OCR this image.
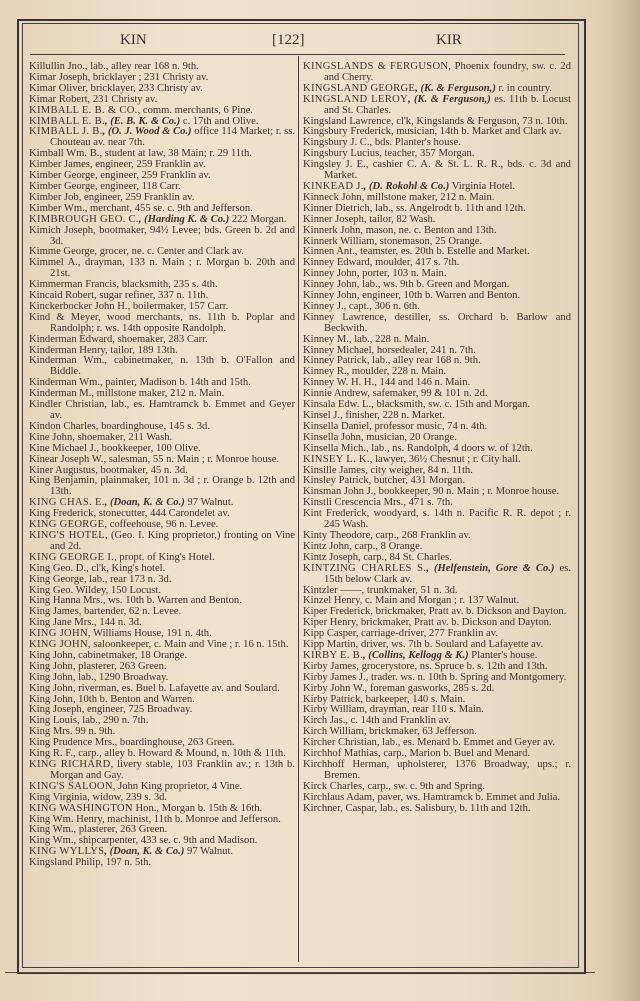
KIN	[122]	KIR
Killullin Jno., lab., alley rear 168 n. 9th.
Kimar Joseph, bricklayer ; 231 Christy av.
Kimar Oliver, bricklayer, 233 Christy av.
Kimar Robert, 231 Christy av.
KIMBALL E. B. & CO., comm. merchants, 6 Pine.
KIMBALL E. B., (E. B. K. & Co.) c. 17th and Olive.
KIMBALL J. B., (O. J. Wood & Co.) office 114 Market; r. ss. Chouteau av. near 7th.
Kimball Wm. B., student at law, 38 Main; r. 29 11th.
Kimber James, engineer, 259 Franklin av.
Kimber George, engineer, 259 Franklin av.
Kimber George, engineer, 118 Carr.
Kimber Job, engineer, 259 Franklin av.
Kimber Wm., merchant, 455 se. c. 9th and Jefferson.
KIMBROUGH GEO. C., (Harding K. & Co.) 222 Morgan.
Kimich Joseph, bootmaker, 94½ Levee; bds. Green b. 2d and 3d.
Kimme George, grocer, ne. c. Center and Clark av.
Kimmel A., drayman, 133 n. Main ; r. Morgan b. 20th and 21st.
Kimmerman Francis, blacksmith, 235 s. 4th.
Kincaid Robert, sugar refiner, 337 n. 11th.
Kinckerbocker John H., boilermaker, 157 Carr.
Kind & Meyer, wood merchants, ns. 11th b. Poplar and Randolph; r. ws. 14th opposite Randolph.
Kinderman Edward, shoemaker, 283 Carr.
Kinderman Henry, tailor, 189 13th.
Kinderman Wm., cabinetmaker, n. 13th b. O'Fallon and Biddle.
Kinderman Wm., painter, Madison b. 14th and 15th.
Kinderman M., millstone maker, 212 n. Main.
Kindler Christian, lab., es. Hamtramck b. Emmet and Geyer av.
Kindon Charles, boardinghouse, 145 s. 3d.
Kine John, shoemaker, 211 Wash.
Kine Michael J., bookkeeper, 100 Olive.
Kinear Joseph W., salesman, 55 n. Main ; r. Monroe house.
Kiner Augustus, bootmaker, 45 n. 3d.
King Benjamin, plainmaker, 101 n. 3d ; r. Orange b. 12th and 13th.
KING CHAS. E., (Doan, K. & Co.) 97 Walnut.
King Frederick, stonecutter, 444 Carondelet av.
KING GEORGE, coffeehouse, 96 n. Levee.
KING'S HOTEL, (Geo. I. King proprietor,) fronting on Vine and 2d.
KING GEORGE I., propt. of King's Hotel.
King Geo. D., cl'k, King's hotel.
King George, lab., rear 173 n. 3d.
King Geo. Wildey, 150 Locust.
King Hanna Mrs., ws. 10th b. Warren and Benton.
King James, bartender, 62 n. Levee.
King Jane Mrs., 144 n. 3d.
KING JOHN, Williams House, 191 n. 4th.
KING JOHN, saloonkeeper, c. Main and Vine ; r. 16 n. 15th.
King John, cabinetmaker, 18 Orange.
King John, plasterer, 263 Green.
King John, lab., 1290 Broadway.
King John, riverman, es. Buel b. Lafayette av. and Soulard.
King John, 10th b. Benton and Warren.
King Joseph, engineer, 725 Broadway.
King Louis, lab., 290 n. 7th.
King Mrs. 99 n. 9th.
King Prudence Mrs., boardinghouse, 263 Green.
King R. F., carp., alley b. Howard & Mound, n. 10th & 11th.
KING RICHARD, livery stable, 103 Franklin av.; r. 13th b. Morgan and Gay.
KING'S SALOON, John King proprietor, 4 Vine.
King Virginia, widow, 239 s. 3d.
KING WASHINGTON Hon., Morgan b. 15th & 16th.
King Wm. Henry, machinist, 11th b. Monroe and Jefferson.
King Wm., plasterer, 263 Green.
King Wm., shipcarpenter, 433 se. c. 9th and Madison.
KING WYLLYS, (Doan, K. & Co.) 97 Walnut.
Kingsland Philip, 197 n. 5th.
KINGSLANDS & FERGUSON, Phoenix foundry, sw. c. 2d and Cherry.
KINGSLAND GEORGE, (K. & Ferguson,) r. in country.
KINGSLAND LEROY, (K. & Ferguson,) es. 11th b. Locust and St. Charles.
Kingsland Lawrence, cl'k, Kingslands & Ferguson, 73 n. 10th.
Kingsbury Frederick, musician, 14th b. Market and Clark av.
Kingsbury J. C., bds. Planter's house.
Kingsbury Lucius, teacher, 357 Morgan.
Kingsley J. E., cashier C. A. & St. L. R. R., bds. c. 3d and Market.
KINKEAD J., (D. Rokohl & Co.) Virginia Hotel.
Kinneck John, millstone maker, 212 n. Main.
Kinner Dietrich, lab., ss. Angelrodt b. 11th and 12th.
Kinner Joseph, tailor, 82 Wash.
Kinnerk John, mason, ne. c. Benton and 13th.
Kinnerk William, stonemason, 25 Orange.
Kinnen Ant., teamster, es. 20th b. Estelle and Market.
Kinney Edward, moulder, 417 s. 7th.
Kinney John, porter, 103 n. Main.
Kinney John, lab., ws. 9th b. Green and Morgan.
Kinney John, engineer, 10th b. Warren and Benton.
Kinney J., capt., 306 n. 6th.
Kinney Lawrence, destiller, ss. Orchard b. Barlow and Beckwith.
Kinney M., lab., 228 n. Main.
Kinney Michael, horsedealer, 241 n. 7th.
Kinney Patrick, lab., alley rear 168 n. 9th.
Kinney R., moulder, 228 n. Main.
Kinney W. H. H., 144 and 146 n. Main.
Kinnie Andrew, safemaker, 99 & 101 n. 2d.
Kinsala Edw. L., blacksmith, sw. c. 15th and Morgan.
Kinsel J., finisher, 228 n. Market.
Kinsella Daniel, professor music, 74 n. 4th.
Kinsella John, musician, 20 Orange.
Kinsella Mich., lab., ns. Randolph, 4 doors w. of 12th.
KINSEY L. K., lawyer, 36½ Chesnut ; r. City hall.
Kinsille James, city weigher, 84 n. 11th.
Kinsley Patrick, butcher, 431 Morgan.
Kinsman John J., bookkeeper, 90 n. Main ; r. Monroe house.
Kinstli Crescencia Mrs., 471 s. 7th.
Kint Frederick, woodyard, s. 14th n. Pacific R. R. depot ; r. 245 Wash.
Kinty Theodore, carp., 268 Franklin av.
Kintz John, carp., 8 Orange.
Kintz Joseph, carp., 84 St. Charles.
KINTZING CHARLES S., (Helfenstein, Gore & Co.) es. 15th below Clark av.
Kintzler ——, trunkmaker, 51 n. 3d.
Kinzel Henry, c. Main and Morgan ; r. 137 Walnut.
Kiper Frederick, brickmaker, Pratt av. b. Dickson and Dayton.
Kiper Henry, brickmaker, Pratt av. b. Dickson and Dayton.
Kipp Casper, carriage-driver, 277 Franklin av.
Kipp Martin, driver, ws. 7th b. Soulard and Lafayette av.
KIRBY E. B., (Collins, Kellogg & K.) Planter's house.
Kirby James, grocerystore, ns. Spruce b. s. 12th and 13th.
Kirby James J., trader. ws. n. 10th b. Spring and Montgomery.
Kirby John W., foreman gasworks, 285 s. 2d.
Kirby Patrick, barkeeper, 140 s. Main.
Kirby William, drayman, rear 110 s. Main.
Kirch Jas., c. 14th and Franklin av.
Kirch William, brickmaker, 63 Jefferson.
Kircher Christian, lab., es. Menard b. Emmet and Geyer av.
Kirchhof Mathias, carp., Marion b. Buel and Menard.
Kirchhoff Herman, upholsterer, 1376 Broadway, ups.; r. Bremen.
Kirck Charles, carp., sw. c. 9th and Spring.
Kirchlaus Adam, paver, ws. Hamtramck b. Emmet and Julia.
Kirchner, Caspar, lab., es. Salisbury, b. 11th and 12th.
